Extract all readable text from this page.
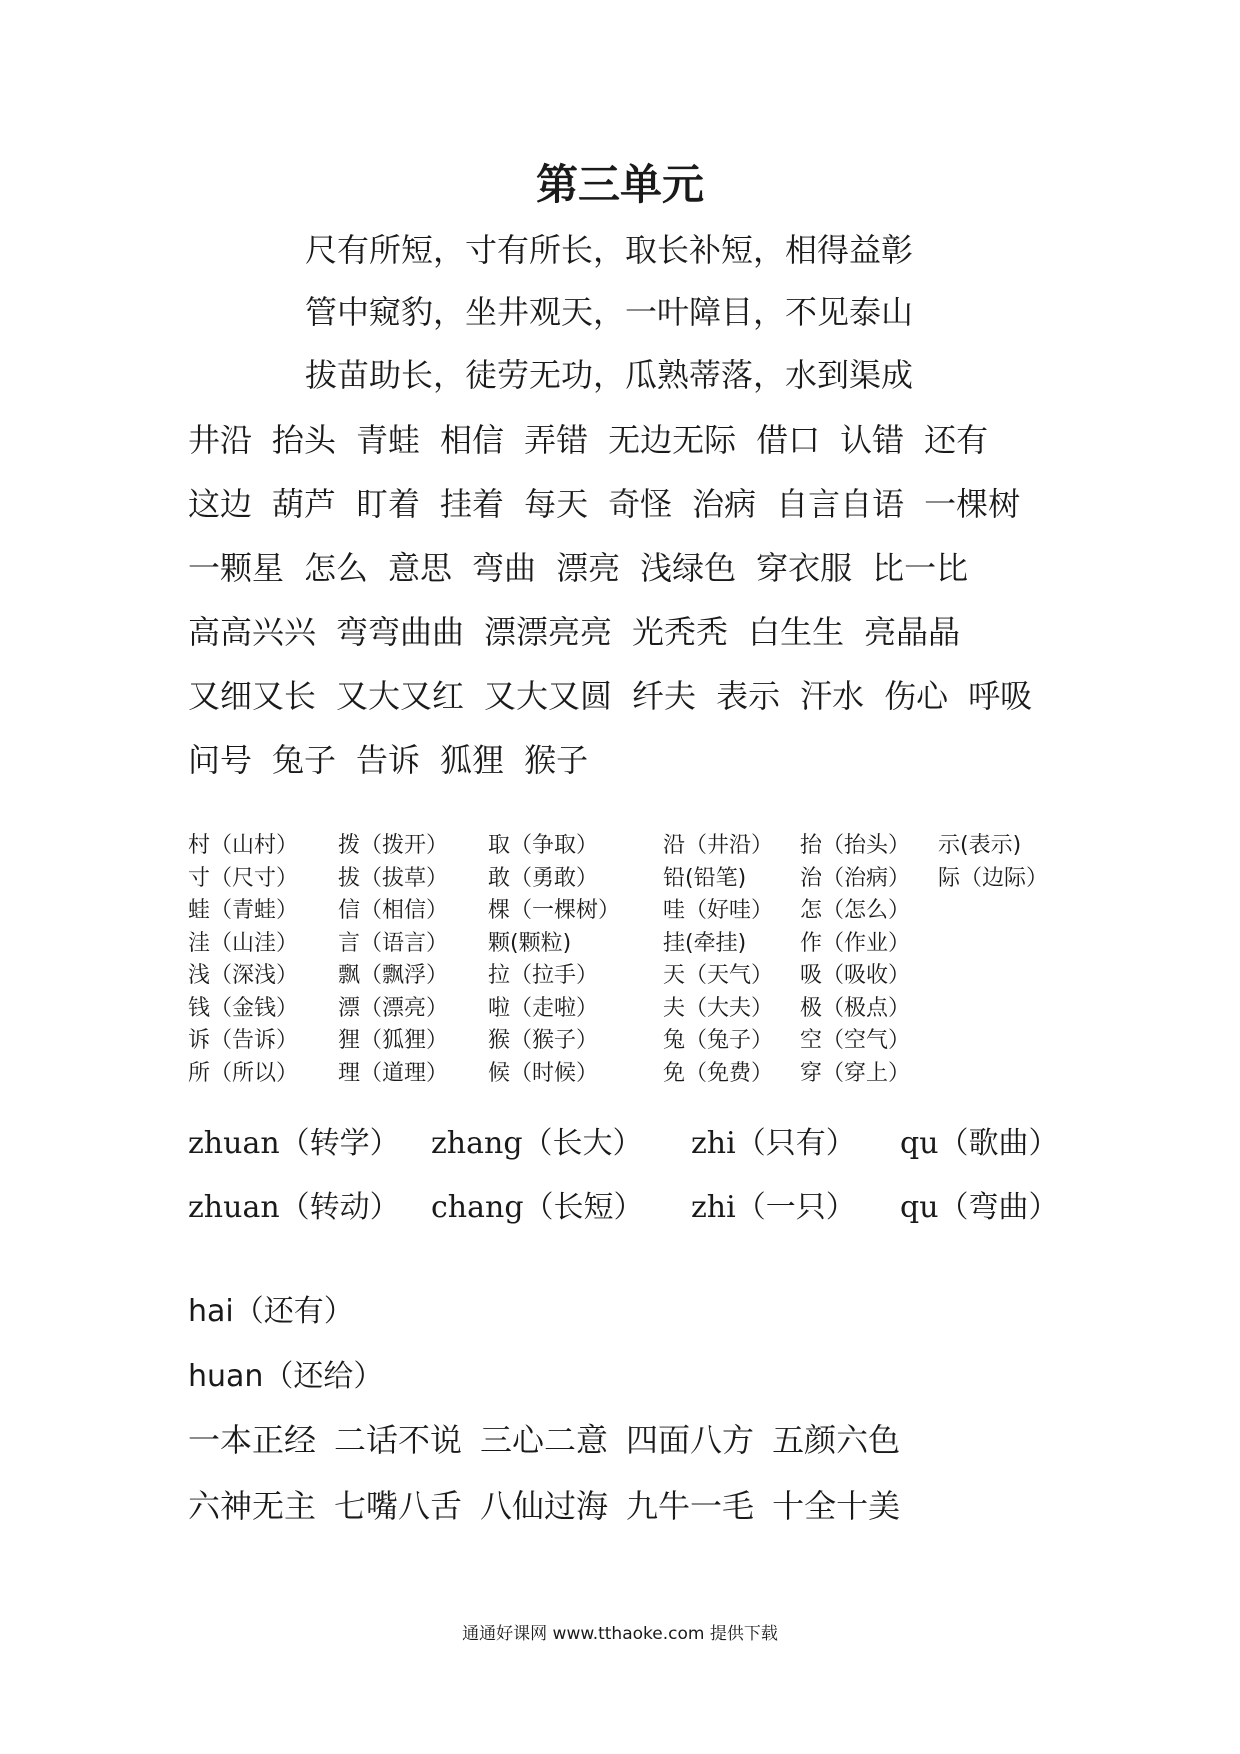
第三单元
尺有所短，寸有所长，取长补短，相得益彰
管中窥豹，坐井观天，一叶障目，不见泰山
拔苗助长，徒劳无功，瓜熟蒂落，水到渠成
井沿 抬头 青蛙 相信 弄错 无边无际 借口 认错 还有
这边 葫芦 盯着 挂着 每天 奇怪 治病 自言自语 一棵树
一颗星 怎么 意思 弯曲 漂亮 浅绿色 穿衣服 比一比
高高兴兴 弯弯曲曲 漂漂亮亮 光秃秃 白生生 亮晶晶
又细又长 又大又红 又大又圆 纤夫 表示 汗水 伤心 呼吸
问号 兔子 告诉 狐狸 猴子
村（山村） 拨（拨开） 取（争取）	沿（井沿） 抬（抬头） 示(表示)
寸（尺寸） 拔（拔草） 敢（勇敢）	铅(铅笔) 治（治病） 际（边际）
蛙（青蛙） 信（相信） 棵（一棵树） 哇（好哇） 怎（怎么）
洼（山洼） 言（语言） 颗(颗粒)	挂(牵挂) 作（作业）
浅（深浅） 飘（飘浮） 拉（拉手）	天（天气） 吸（吸收）
钱（金钱） 漂（漂亮） 啦（走啦）	夫（大夫） 极（极点）
诉（告诉） 狸（狐狸） 猴（猴子）	兔（兔子） 空（空气）
所（所以） 理（道理） 候（时候）	免（免费） 穿（穿上）
zhuan（转学） zhang（长大） zhi（只有） qu（歌曲）
zhuan（转动） chang（长短） zhi（一只） qu（弯曲）
hai（还有）
huan（还给）
一本正经 二话不说 三心二意 四面八方 五颜六色
六神无主 七嘴八舌 八仙过海 九牛一毛 十全十美
通通好课网 www.tthaoke.com 提供下载
